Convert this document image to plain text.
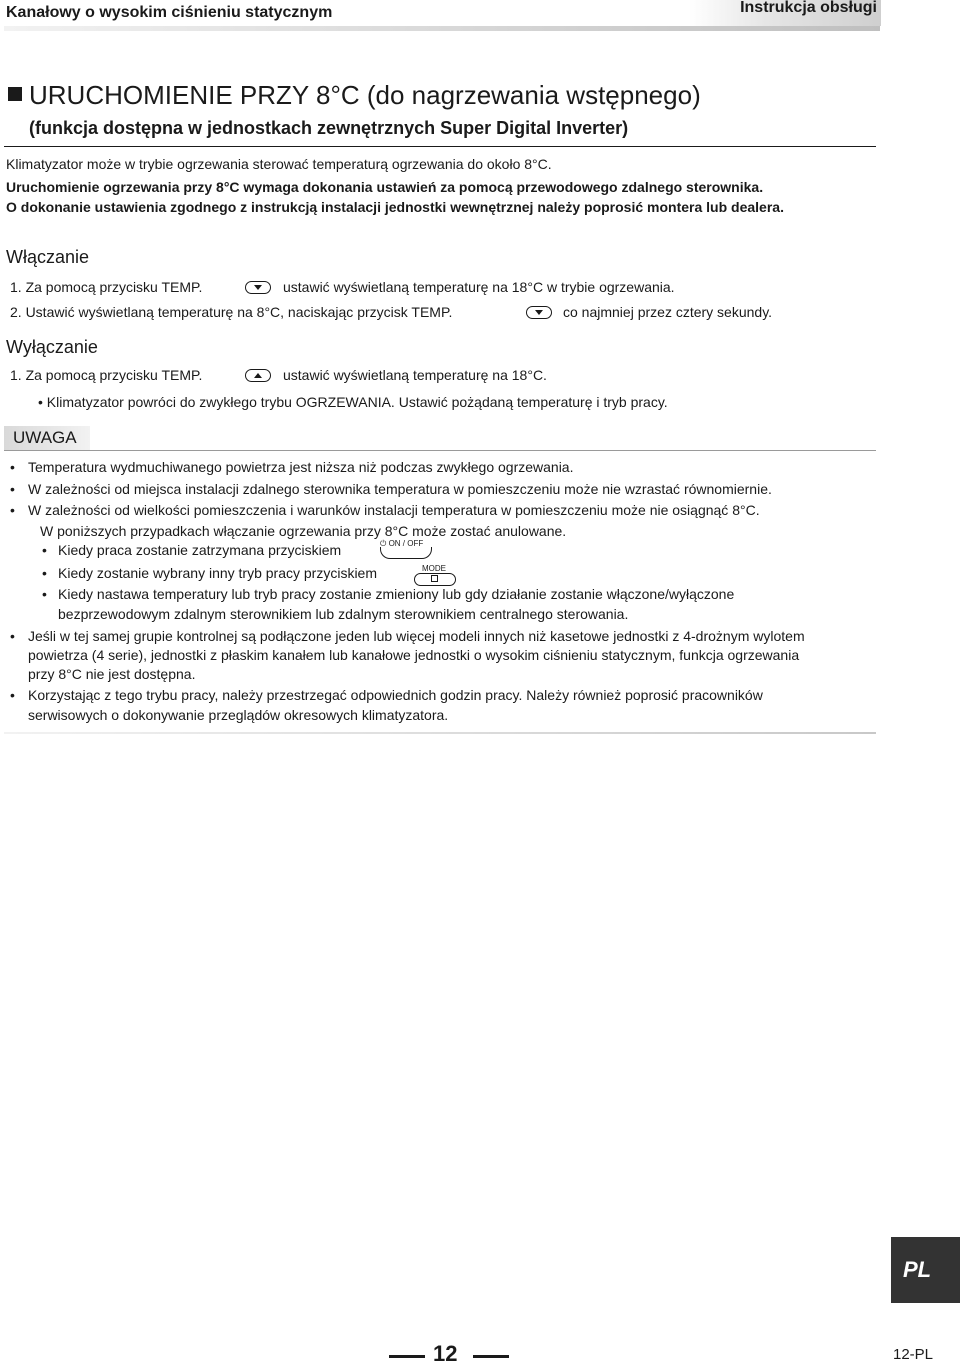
Kanałowy o wysokim ciśnieniu statycznym	Instrukcja obsługi
URUCHOMIENIE PRZY 8°C (do nagrzewania wstępnego)
(funkcja dostępna w jednostkach zewnętrznych Super Digital Inverter)
Klimatyzator może w trybie ogrzewania sterować temperaturą ogrzewania do około 8°C.
Uruchomienie ogrzewania przy 8°C wymaga dokonania ustawień za pomocą przewodowego zdalnego sterownika.
O dokonanie ustawienia zgodnego z instrukcją instalacji jednostki wewnętrznej należy poprosić montera lub dealera.
Włączanie
1. Za pomocą przycisku TEMP.	ustawić wyświetlaną temperaturę na 18°C w trybie ogrzewania.
2. Ustawić wyświetlaną temperaturę na 8°C, naciskając przycisk TEMP.	co najmniej przez cztery sekundy.
Wyłączanie
1. Za pomocą przycisku TEMP.	ustawić wyświetlaną temperaturę na 18°C.
• Klimatyzator powróci do zwykłego trybu OGRZEWANIA. Ustawić pożądaną temperaturę i tryb pracy.
UWAGA
• Temperatura wydmuchiwanego powietrza jest niższa niż podczas zwykłego ogrzewania.
• W zależności od miejsca instalacji zdalnego sterownika temperatura w pomieszczeniu może nie wzrastać równomiernie.
• W zależności od wielkości pomieszczenia i warunków instalacji temperatura w pomieszczeniu może nie osiągnąć 8°C.
W poniższych przypadkach włączanie ogrzewania przy 8°C może zostać anulowane.
• Kiedy praca zostanie zatrzymana przyciskiem	⏻ ON / OFF
• Kiedy zostanie wybrany inny tryb pracy przyciskiem	MODE
• Kiedy nastawa temperatury lub tryb pracy zostanie zmieniony lub gdy działanie zostanie włączone/wyłączone
bezprzewodowym zdalnym sterownikiem lub zdalnym sterownikiem centralnego sterowania.
• Jeśli w tej samej grupie kontrolnej są podłączone jeden lub więcej modeli innych niż kasetowe jednostki z 4-drożnym wylotem
powietrza (4 serie), jednostki z płaskim kanałem lub kanałowe jednostki o wysokim ciśnieniu statycznym, funkcja ogrzewania
przy 8°C nie jest dostępna.
• Korzystając z tego trybu pracy, należy przestrzegać odpowiednich godzin pracy. Należy również poprosić pracowników
serwisowych o dokonywanie przeglądów okresowych klimatyzatora.
PL
12	12-PL
